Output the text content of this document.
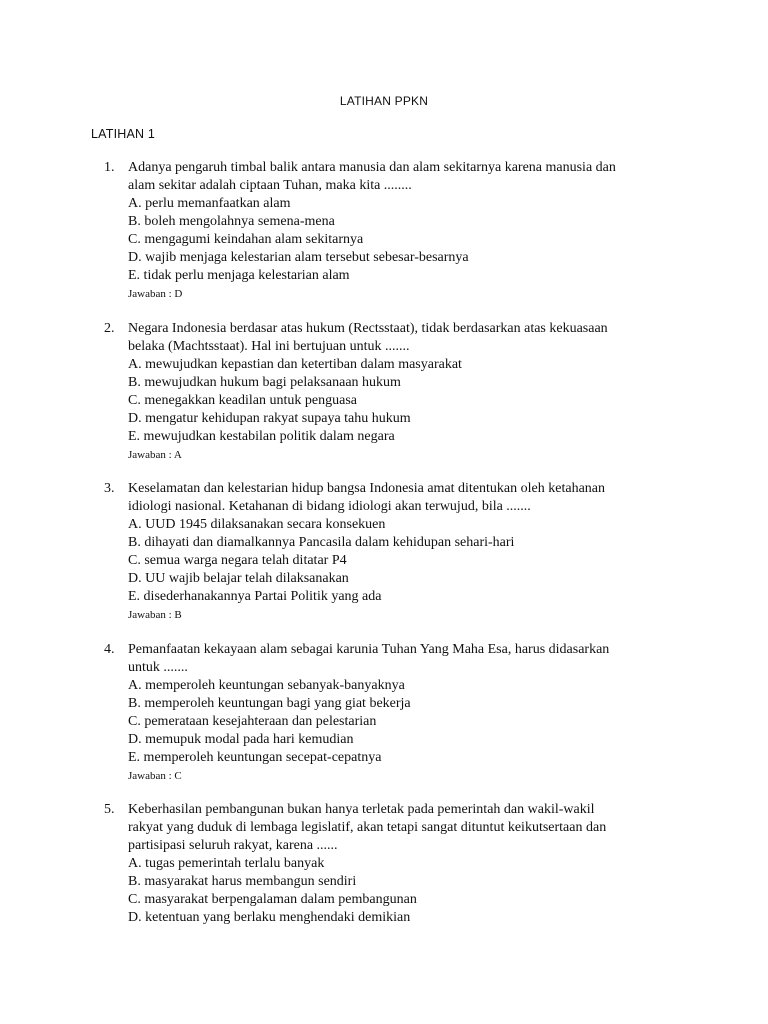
LATIHAN PPKN
LATIHAN 1
1. Adanya pengaruh timbal balik antara manusia dan alam sekitarnya karena manusia dan
alam sekitar adalah ciptaan Tuhan, maka kita ........
A. perlu memanfaatkan alam
B. boleh mengolahnya semena-mena
C. mengagumi keindahan alam sekitarnya
D. wajib menjaga kelestarian alam tersebut sebesar-besarnya
E. tidak perlu menjaga kelestarian alam
Jawaban : D
2. Negara Indonesia berdasar atas hukum (Rectsstaat), tidak berdasarkan atas kekuasaan
belaka (Machtsstaat). Hal ini bertujuan untuk .......
A. mewujudkan kepastian dan ketertiban dalam masyarakat
B. mewujudkan hukum bagi pelaksanaan hukum
C. menegakkan keadilan untuk penguasa
D. mengatur kehidupan rakyat supaya tahu hukum
E. mewujudkan kestabilan politik dalam negara
Jawaban : A
3. Keselamatan dan kelestarian hidup bangsa Indonesia amat ditentukan oleh ketahanan
idiologi nasional. Ketahanan di bidang idiologi akan terwujud, bila .......
A. UUD 1945 dilaksanakan secara konsekuen
B. dihayati dan diamalkannya Pancasila dalam kehidupan sehari-hari
C. semua warga negara telah ditatar P4
D. UU wajib belajar telah dilaksanakan
E. disederhanakannya Partai Politik yang ada
Jawaban : B
4. Pemanfaatan kekayaan alam sebagai karunia Tuhan Yang Maha Esa, harus didasarkan
untuk .......
A. memperoleh keuntungan sebanyak-banyaknya
B. memperoleh keuntungan bagi yang giat bekerja
C. pemerataan kesejahteraan dan pelestarian
D. memupuk modal pada hari kemudian
E. memperoleh keuntungan secepat-cepatnya
Jawaban : C
5. Keberhasilan pembangunan bukan hanya terletak pada pemerintah dan wakil-wakil
rakyat yang duduk di lembaga legislatif, akan tetapi sangat dituntut keikutsertaan dan
partisipasi seluruh rakyat, karena ......
A. tugas pemerintah terlalu banyak
B. masyarakat harus membangun sendiri
C. masyarakat berpengalaman dalam pembangunan
D. ketentuan yang berlaku menghendaki demikian
